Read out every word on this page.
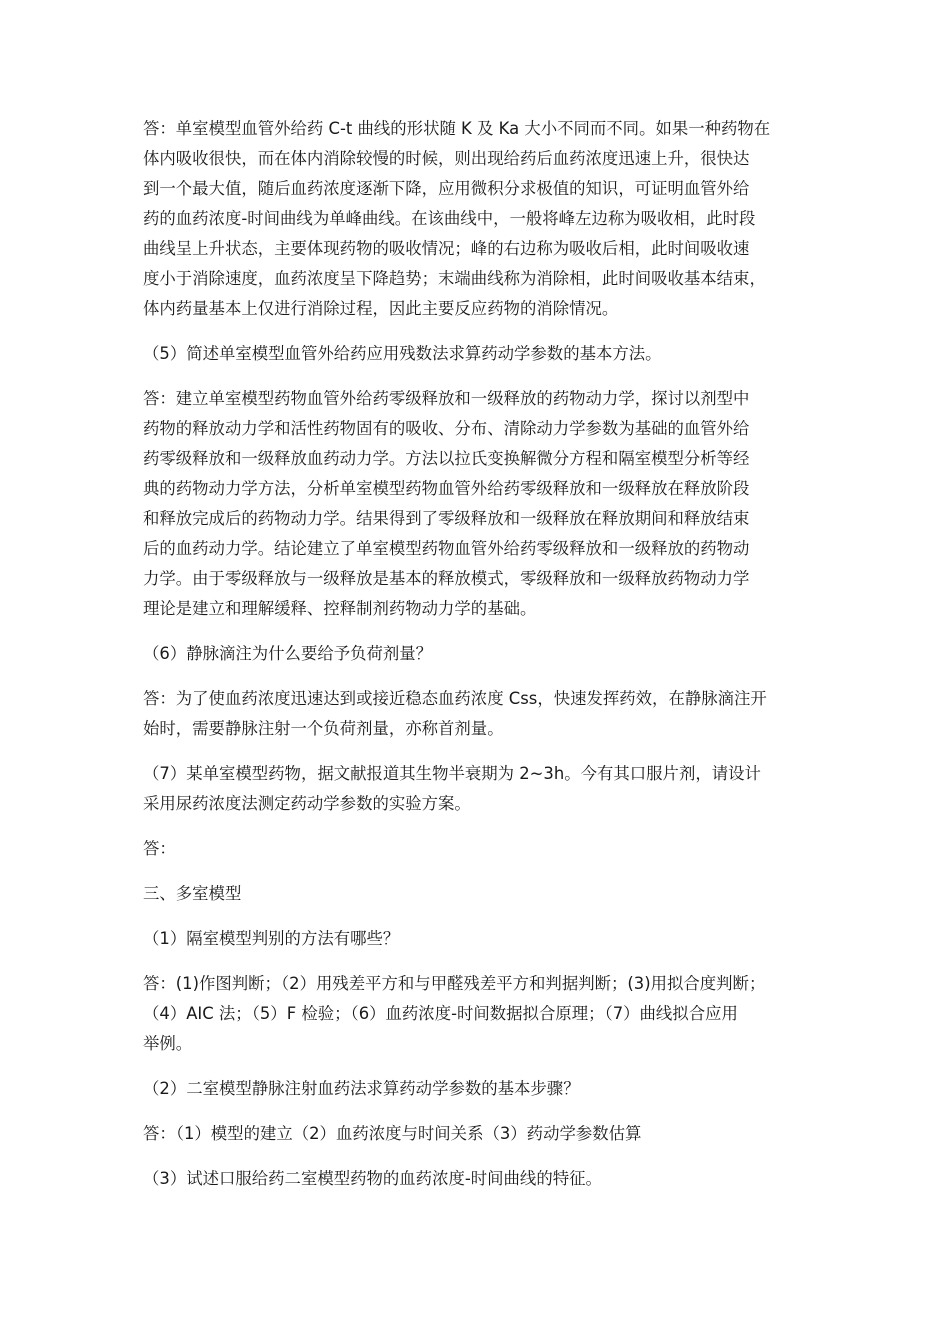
答：单室模型血管外给药 C-t 曲线的形状随 K 及 Ka 大小不同而不同。如果一种药物在
体内吸收很快，而在体内消除较慢的时候，则出现给药后血药浓度迅速上升，很快达
到一个最大值，随后血药浓度逐渐下降，应用微积分求极值的知识，可证明血管外给
药的血药浓度-时间曲线为单峰曲线。在该曲线中，一般将峰左边称为吸收相，此时段
曲线呈上升状态，主要体现药物的吸收情况；峰的右边称为吸收后相，此时间吸收速
度小于消除速度，血药浓度呈下降趋势；末端曲线称为消除相，此时间吸收基本结束，
体内药量基本上仅进行消除过程，因此主要反应药物的消除情况。
（5）简述单室模型血管外给药应用残数法求算药动学参数的基本方法。
答：建立单室模型药物血管外给药零级释放和一级释放的药物动力学，探讨以剂型中
药物的释放动力学和活性药物固有的吸收、分布、清除动力学参数为基础的血管外给
药零级释放和一级释放血药动力学。方法以拉氏变换解微分方程和隔室模型分析等经
典的药物动力学方法，分析单室模型药物血管外给药零级释放和一级释放在释放阶段
和释放完成后的药物动力学。结果得到了零级释放和一级释放在释放期间和释放结束
后的血药动力学。结论建立了单室模型药物血管外给药零级释放和一级释放的药物动
力学。由于零级释放与一级释放是基本的释放模式，零级释放和一级释放药物动力学
理论是建立和理解缓释、控释制剂药物动力学的基础。
（6）静脉滴注为什么要给予负荷剂量？
答：为了使血药浓度迅速达到或接近稳态血药浓度 Css，快速发挥药效，在静脉滴注开
始时，需要静脉注射一个负荷剂量，亦称首剂量。
（7）某单室模型药物，据文献报道其生物半衰期为 2~3h。今有其口服片剂，请设计
采用尿药浓度法测定药动学参数的实验方案。
答：
三、多室模型
（1）隔室模型判别的方法有哪些？
答：(1)作图判断；（2）用残差平方和与甲醛残差平方和判据判断；(3)用拟合度判断；
（4）AIC 法；（5）F 检验；（6）血药浓度-时间数据拟合原理；（7）曲线拟合应用
举例。
（2）二室模型静脉注射血药法求算药动学参数的基本步骤？
答：（1）模型的建立（2）血药浓度与时间关系（3）药动学参数估算
（3）试述口服给药二室模型药物的血药浓度-时间曲线的特征。
